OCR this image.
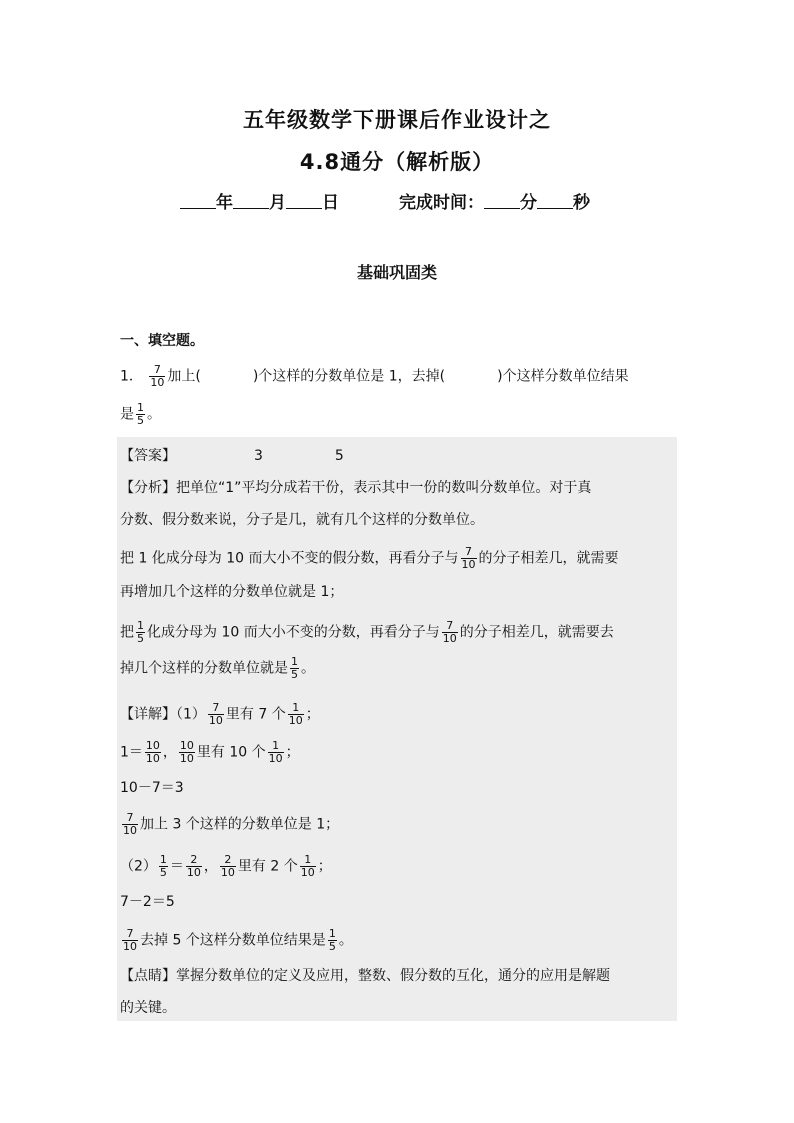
五年级数学下册课后作业设计之
4.8通分（解析版）
年 月 日	完成时间： 分 秒
基础巩固类
一、填空题。
1． $\frac{7}{10}$ 加上(	)个这样的分数单位是 1，去掉(	)个这样分数单位结果
是 $\frac{1}{5}$ 。
【答案】	3	5
【分析】把单位“1”平均分成若干份，表示其中一份的数叫分数单位。对于真
分数、假分数来说，分子是几，就有几个这样的分数单位。
把 1 化成分母为 10 而大小不变的假分数，再看分子与 $\frac{7}{10}$ 的分子相差几，就需要
再增加几个这样的分数单位就是 1；
把 $\frac{1}{5}$ 化成分母为 10 而大小不变的分数，再看分子与 $\frac{7}{10}$ 的分子相差几，就需要去
掉几个这样的分数单位就是 $\frac{1}{5}$ 。
【详解】$(1) \frac{7}{10}$ 里有 7 个 $\frac{1}{10}$ ；
$1= \frac{10}{10}$ ， $\frac{10}{10}$ 里有 10 个 $\frac{1}{10}$ ；
10－7＝3
$\frac{7}{10}$ 加上 3 个这样的分数单位是 1；
$(2) \frac{1}{5} = \frac{2}{10}$ ， $\frac{2}{10}$ 里有 2 个 $\frac{1}{10}$ ；
7－2＝5
$\frac{7}{10}$ 去掉 5 个这样分数单位结果是 $\frac{1}{5}$ 。
【点睛】掌握分数单位的定义及应用，整数、假分数的互化，通分的应用是解题
的关键。
